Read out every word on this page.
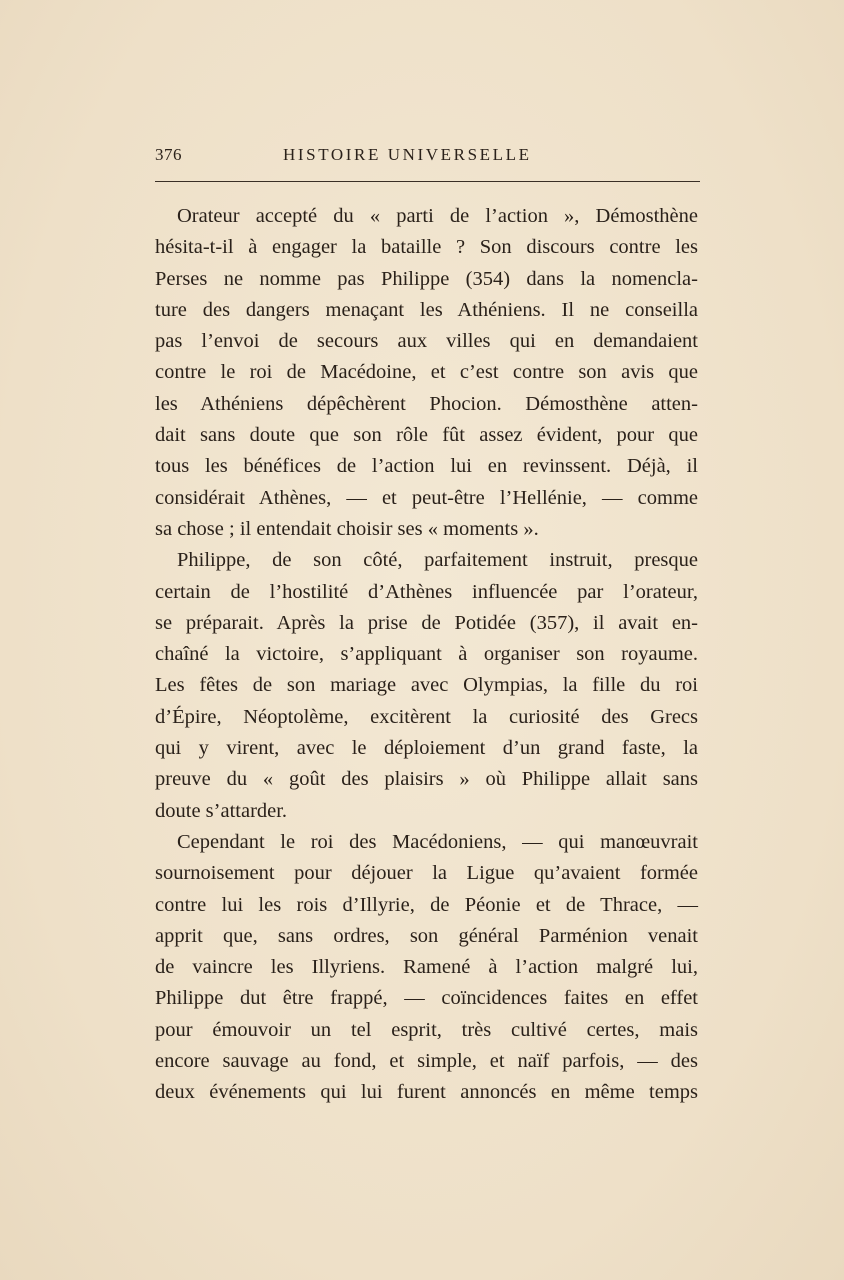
376	HISTOIRE UNIVERSELLE
Orateur accepté du « parti de l’action », Démosthène
hésita-t-il à engager la bataille ? Son discours contre les
Perses ne nomme pas Philippe (354) dans la nomencla-
ture des dangers menaçant les Athéniens. Il ne conseilla
pas l’envoi de secours aux villes qui en demandaient
contre le roi de Macédoine, et c’est contre son avis que
les Athéniens dépêchèrent Phocion. Démosthène atten-
dait sans doute que son rôle fût assez évident, pour que
tous les bénéfices de l’action lui en revinssent. Déjà, il
considérait Athènes, — et peut-être l’Hellénie, — comme
sa chose ; il entendait choisir ses « moments ».
Philippe, de son côté, parfaitement instruit, presque
certain de l’hostilité d’Athènes influencée par l’orateur,
se préparait. Après la prise de Potidée (357), il avait en-
chaîné la victoire, s’appliquant à organiser son royaume.
Les fêtes de son mariage avec Olympias, la fille du roi
d’Épire, Néoptolème, excitèrent la curiosité des Grecs
qui y virent, avec le déploiement d’un grand faste, la
preuve du « goût des plaisirs » où Philippe allait sans
doute s’attarder.
Cependant le roi des Macédoniens, — qui manœuvrait
sournoisement pour déjouer la Ligue qu’avaient formée
contre lui les rois d’Illyrie, de Péonie et de Thrace, —
apprit que, sans ordres, son général Parménion venait
de vaincre les Illyriens. Ramené à l’action malgré lui,
Philippe dut être frappé, — coïncidences faites en effet
pour émouvoir un tel esprit, très cultivé certes, mais
encore sauvage au fond, et simple, et naïf parfois, — des
deux événements qui lui furent annoncés en même temps
